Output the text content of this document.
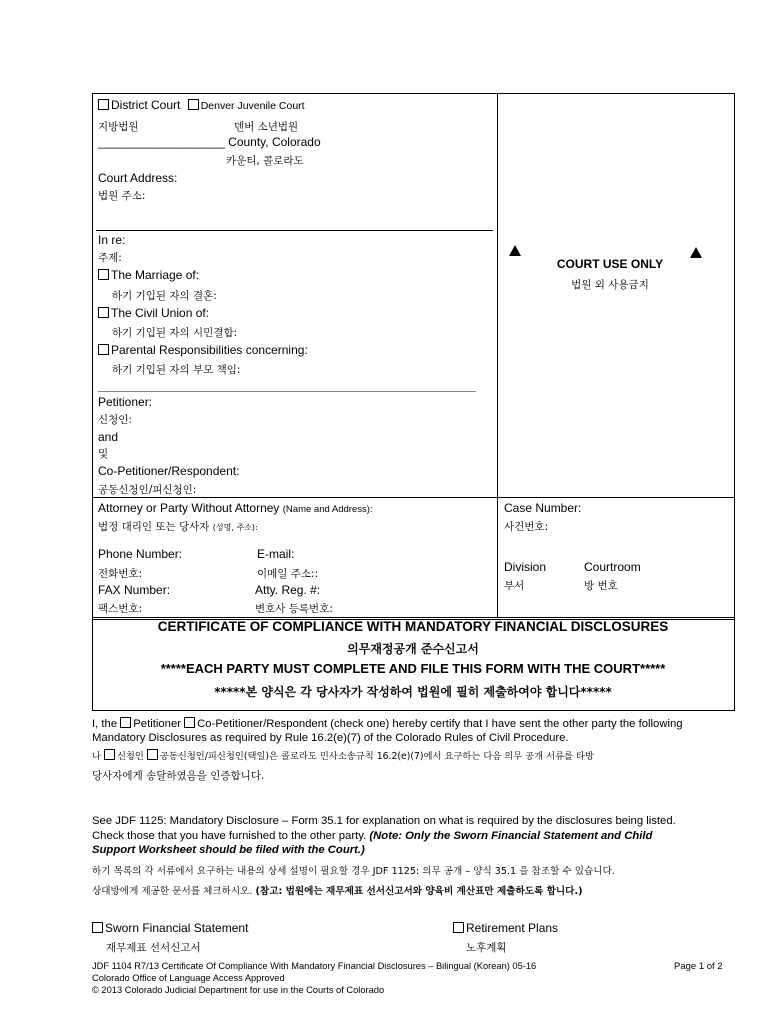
District Court Denver Juvenile Court
지방법원	덴버 소년법원
___________________ County, Colorado
카운티, 콜로라도
Court Address:
법원 주소:
In re:
주제:
The Marriage of:
하기 기입된 자의 결혼:
The Civil Union of:
하기 기입된 자의 시민결합:
Parental Responsibilities concerning:
하기 기입된 자의 부모 책임:
Petitioner:
신청인:
and
및
Co-Petitioner/Respondent:
공동신청인/피신청인:
COURT USE ONLY
법원 외 사용금지
Attorney or Party Without Attorney (Name and Address):
법정 대리인 또는 당사자 (성명, 주소):
Phone Number:
전화번호:
FAX Number:
팩스번호:
E-mail:
이메일 주소::
Atty. Reg. #:
변호사 등록번호:
Case Number:
사건번호:
Division
부서
Courtroom
방 번호
CERTIFICATE OF COMPLIANCE WITH MANDATORY FINANCIAL DISCLOSURES
의무재정공개 준수신고서
*****EACH PARTY MUST COMPLETE AND FILE THIS FORM WITH THE COURT*****
*****본 양식은 각 당사자가 작성하여 법원에 필히 제출하여야 합니다*****
I, the Petitioner Co-Petitioner/Respondent (check one) hereby certify that I have sent the other party the following
Mandatory Disclosures as required by Rule 16.2(e)(7) of the Colorado Rules of Civil Procedure.
나 신청인 공동신청인/피신청인(택일)은 콜로라도 민사소송규칙 16.2(e)(7)에서 요구하는 다음 의무 공개 서류를 타방
당사자에게 송달하였음을 인증합니다.
See JDF 1125: Mandatory Disclosure – Form 35.1 for explanation on what is required by the disclosures being listed.
Check those that you have furnished to the other party. (Note: Only the Sworn Financial Statement and Child
Support Worksheet should be filed with the Court.)
하기 목록의 각 서류에서 요구하는 내용의 상세 설명이 필요할 경우 JDF 1125: 의무 공개 – 양식 35.1 을 참조할 수 있습니다.
상대방에게 제공한 문서를 체크하시오. (참고: 법원에는 재무제표 선서신고서와 양육비 계산표만 제출하도록 합니다.)
Sworn Financial Statement
재무제표 선서신고서
Retirement Plans
노후계획
JDF 1104 R7/13 Certificate Of Compliance With Mandatory Financial Disclosures – Bilingual (Korean) 05-16
Colorado Office of Language Access Approved
© 2013 Colorado Judicial Department for use in the Courts of Colorado
Page 1 of 2
